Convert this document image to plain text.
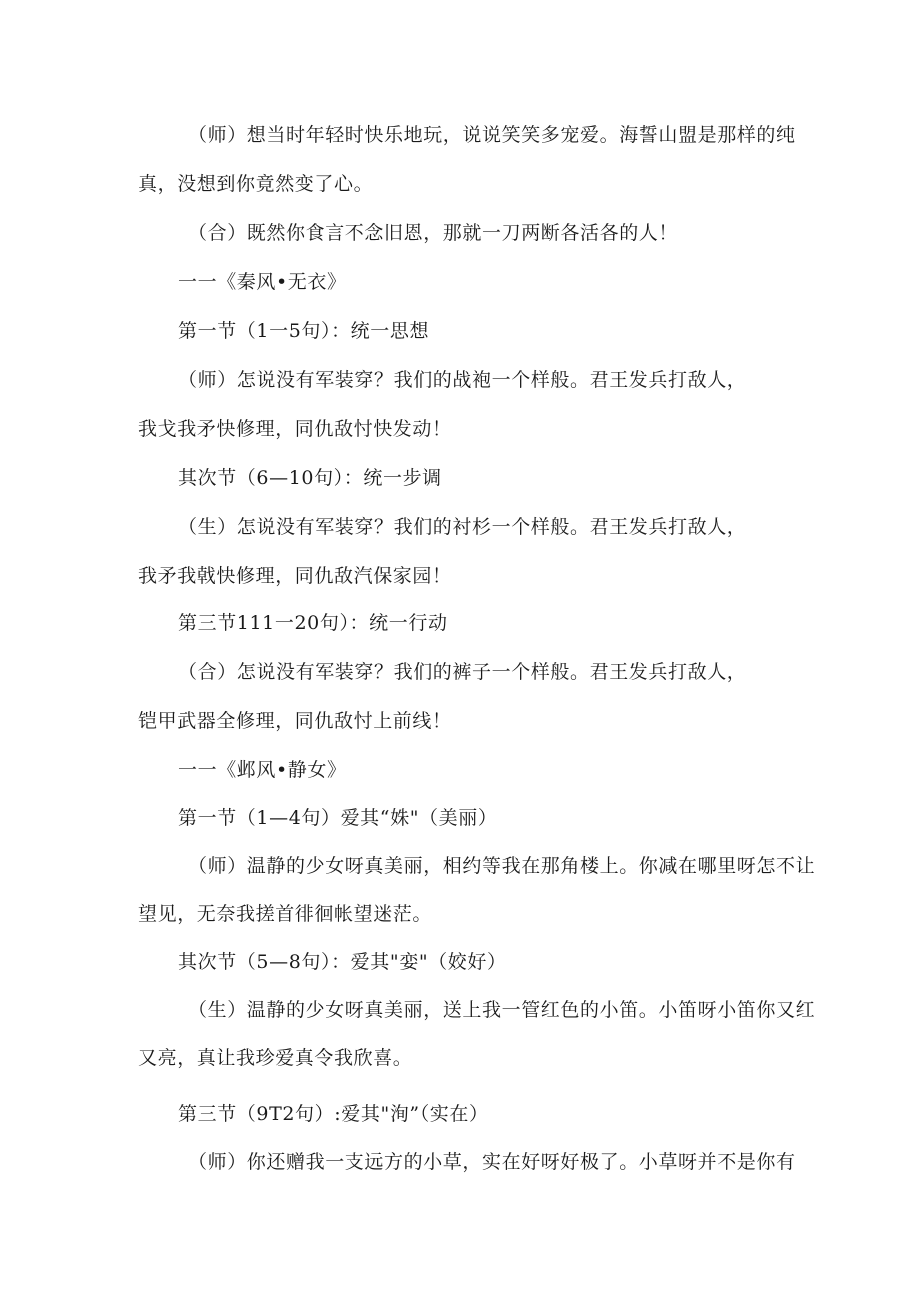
（师）想当时年轻时快乐地玩，说说笑笑多宠爱。海誓山盟是那样的纯

真，没想到你竟然变了心。

（合）既然你食言不念旧恩，那就一刀两断各活各的人！

一一《秦风•无衣》

第一节（1一5句）：统一思想

（师）怎说没有军装穿？我们的战袍一个样般。君王发兵打敌人，

我戈我矛快修理，同仇敌忖快发动！

其次节（6—10句）：统一步调

（生）怎说没有军装穿？我们的衬杉一个样般。君王发兵打敌人，

我矛我戟快修理，同仇敌汽保家园！

第三节111一20句）：统一行动

（合）怎说没有军装穿？我们的裤子一个样般。君王发兵打敌人，

铠甲武器全修理，同仇敌忖上前线！

一一《邺风•静女》

第一节（1—4句）爱其“姝"（美丽）

（师）温静的少女呀真美丽，相约等我在那角楼上。你减在哪里呀怎不让

望见，无奈我搓首徘徊帐望迷茫。

其次节（5—8句）：爱其"娈"（姣好）

（生）温静的少女呀真美丽，送上我一管红色的小笛。小笛呀小笛你又红

又亮，真让我珍爱真令我欣喜。

第三节（9T2句）:爱其"洵”（实在）

（师）你还赠我一支远方的小草，实在好呀好极了。小草呀并不是你有
